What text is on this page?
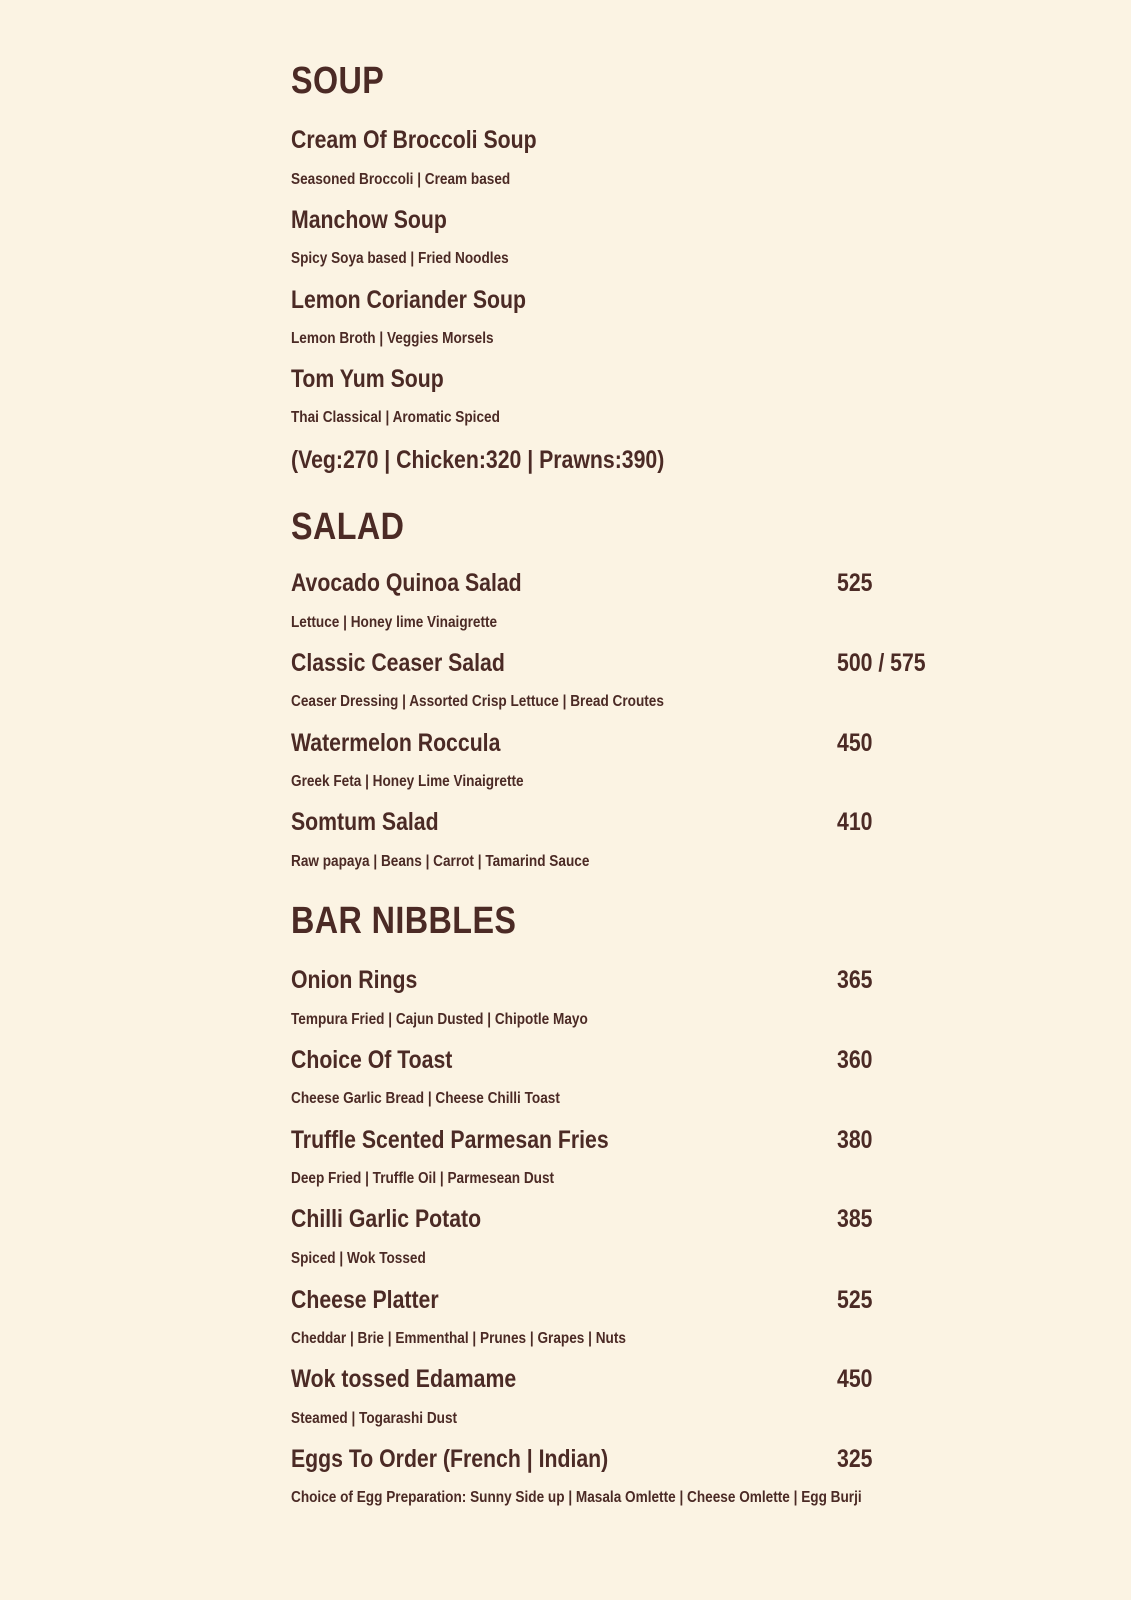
SOUP
Cream Of Broccoli Soup
Seasoned Broccoli | Cream based
Manchow Soup
Spicy Soya based | Fried Noodles
Lemon Coriander Soup
Lemon Broth | Veggies Morsels
Tom Yum Soup
Thai Classical | Aromatic Spiced
(Veg:270 | Chicken:320 | Prawns:390)
SALAD
Avocado Quinoa Salad	525
Lettuce | Honey lime Vinaigrette
Classic Ceaser Salad	500 / 575
Ceaser Dressing | Assorted Crisp Lettuce | Bread Croutes
Watermelon Roccula	450
Greek Feta | Honey Lime Vinaigrette
Somtum Salad	410
Raw papaya | Beans | Carrot | Tamarind Sauce
BAR NIBBLES
Onion Rings	365
Tempura Fried | Cajun Dusted | Chipotle Mayo
Choice Of Toast	360
Cheese Garlic Bread | Cheese Chilli Toast
Truffle Scented Parmesan Fries	380
Deep Fried | Truffle Oil | Parmesean Dust
Chilli Garlic Potato	385
Spiced | Wok Tossed
Cheese Platter	525
Cheddar | Brie | Emmenthal | Prunes | Grapes | Nuts
Wok tossed Edamame	450
Steamed | Togarashi Dust
Eggs To Order (French | Indian)	325
Choice of Egg Preparation: Sunny Side up | Masala Omlette | Cheese Omlette | Egg Burji
